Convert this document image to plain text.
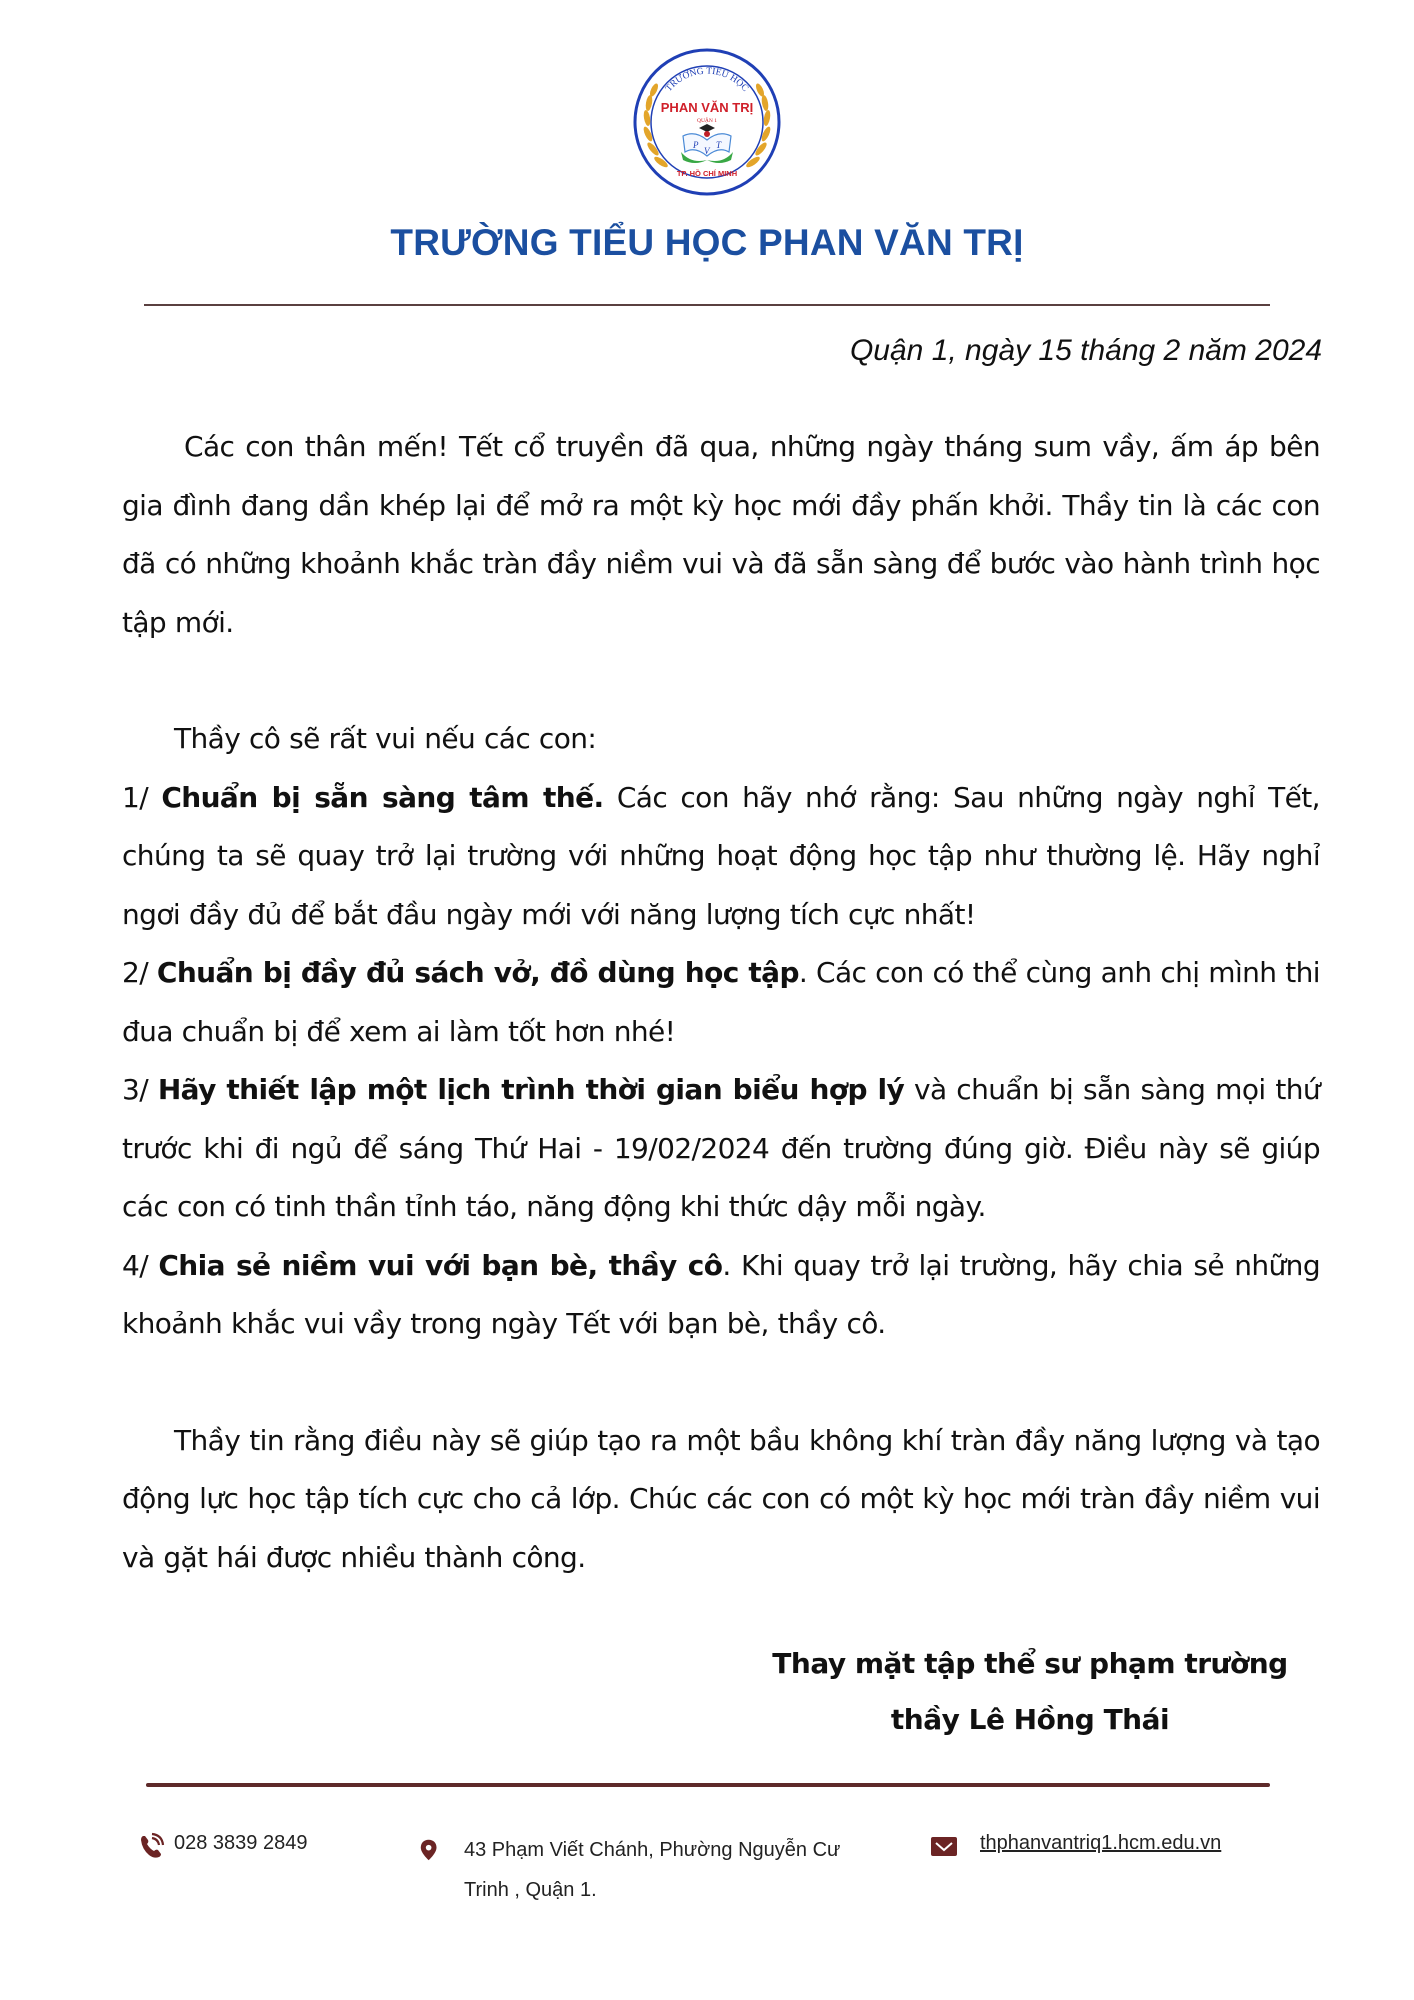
TRƯỜNG TIỂU HỌC
PHAN VĂN TRỊ
QUẬN 1
P
V
T
TP. HỒ CHÍ MINH
TRƯỜNG TIỂU HỌC PHAN VĂN TRỊ
Quận 1, ngày 15 tháng 2 năm 2024

Các con thân mến! Tết cổ truyền đã qua, những ngày tháng sum vầy, ấm áp bên gia đình đang dần khép lại để mở ra một kỳ học mới đầy phấn khởi. Thầy tin là các con đã có những khoảnh khắc tràn đầy niềm vui và đã sẵn sàng để bước vào hành trình học tập mới.

Thầy cô sẽ rất vui nếu các con:

1/ Chuẩn bị sẵn sàng tâm thế. Các con hãy nhớ rằng: Sau những ngày nghỉ Tết, chúng ta sẽ quay trở lại trường với những hoạt động học tập như thường lệ. Hãy nghỉ ngơi đầy đủ để bắt đầu ngày mới với năng lượng tích cực nhất!

2/ Chuẩn bị đầy đủ sách vở, đồ dùng học tập. Các con có thể cùng anh chị mình thi đua chuẩn bị để xem ai làm tốt hơn nhé!

3/ Hãy thiết lập một lịch trình thời gian biểu hợp lý và chuẩn bị sẵn sàng mọi thứ trước khi đi ngủ để sáng Thứ Hai - 19/02/2024 đến trường đúng giờ. Điều này sẽ giúp các con có tinh thần tỉnh táo, năng động khi thức dậy mỗi ngày.

4/ Chia sẻ niềm vui với bạn bè, thầy cô. Khi quay trở lại trường, hãy chia sẻ những khoảnh khắc vui vầy trong ngày Tết với bạn bè, thầy cô.

Thầy tin rằng điều này sẽ giúp tạo ra một bầu không khí tràn đầy năng lượng và tạo động lực học tập tích cực cho cả lớp. Chúc các con có một kỳ học mới tràn đầy niềm vui và gặt hái được nhiều thành công.

Thay mặt tập thể sư phạm trường
thầy Lê Hồng Thái
028 3839 2849	43 Phạm Viết Chánh, Phường Nguyễn Cư Trinh , Quận 1.
thphanvantriq1.hcm.edu.vn
